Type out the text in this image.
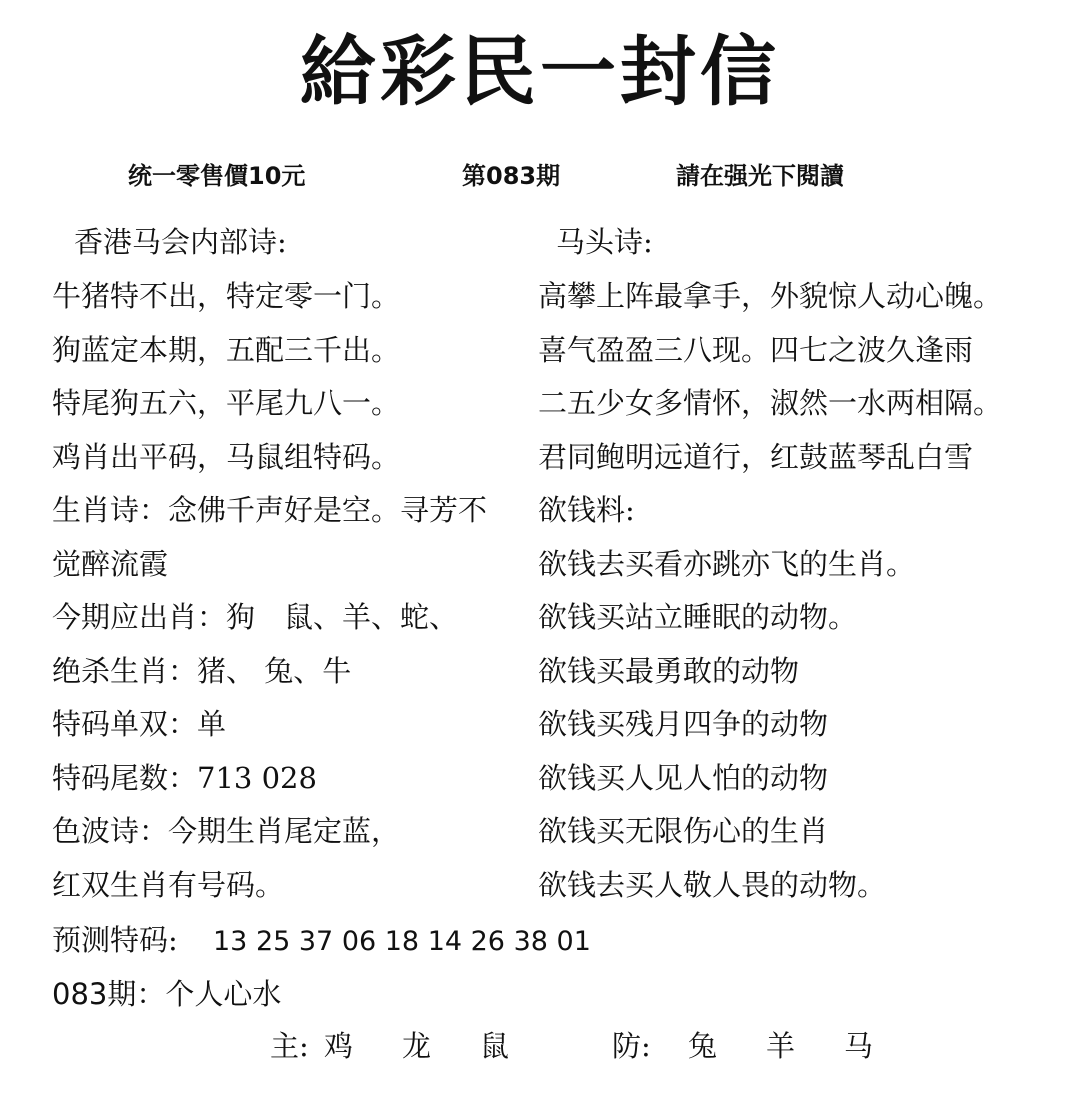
給彩民一封信
统一零售價10元	第083期	請在强光下閱讀
香港马会内部诗:
牛猪特不出，特定零一门。
狗蓝定本期，五配三千出。
特尾狗五六，平尾九八一。
鸡肖出平码，马鼠组特码。
生肖诗：念佛千声好是空。寻芳不
觉醉流霞
今期应出肖：狗　鼠、羊、蛇、
绝杀生肖：猪、 兔、牛
特码单双：单
特码尾数：713 028
色波诗：今期生肖尾定蓝，
红双生肖有号码。
马头诗:
高攀上阵最拿手，外貌惊人动心魄。
喜气盈盈三八现。四七之波久逢雨
二五少女多情怀，淑然一水两相隔。
君同鲍明远道行，红鼓蓝琴乱白雪
欲钱料:
欲钱去买看亦跳亦飞的生肖。
欲钱买站立睡眠的动物。
欲钱买最勇敢的动物
欲钱买残月四争的动物
欲钱买人见人怕的动物
欲钱买无限伤心的生肖
欲钱去买人敬人畏的动物。
预测特码: 13 25 37 06 18 14 26 38 01
083期：个人心水
主: 鸡　龙　鼠	防: 兔　羊　马
